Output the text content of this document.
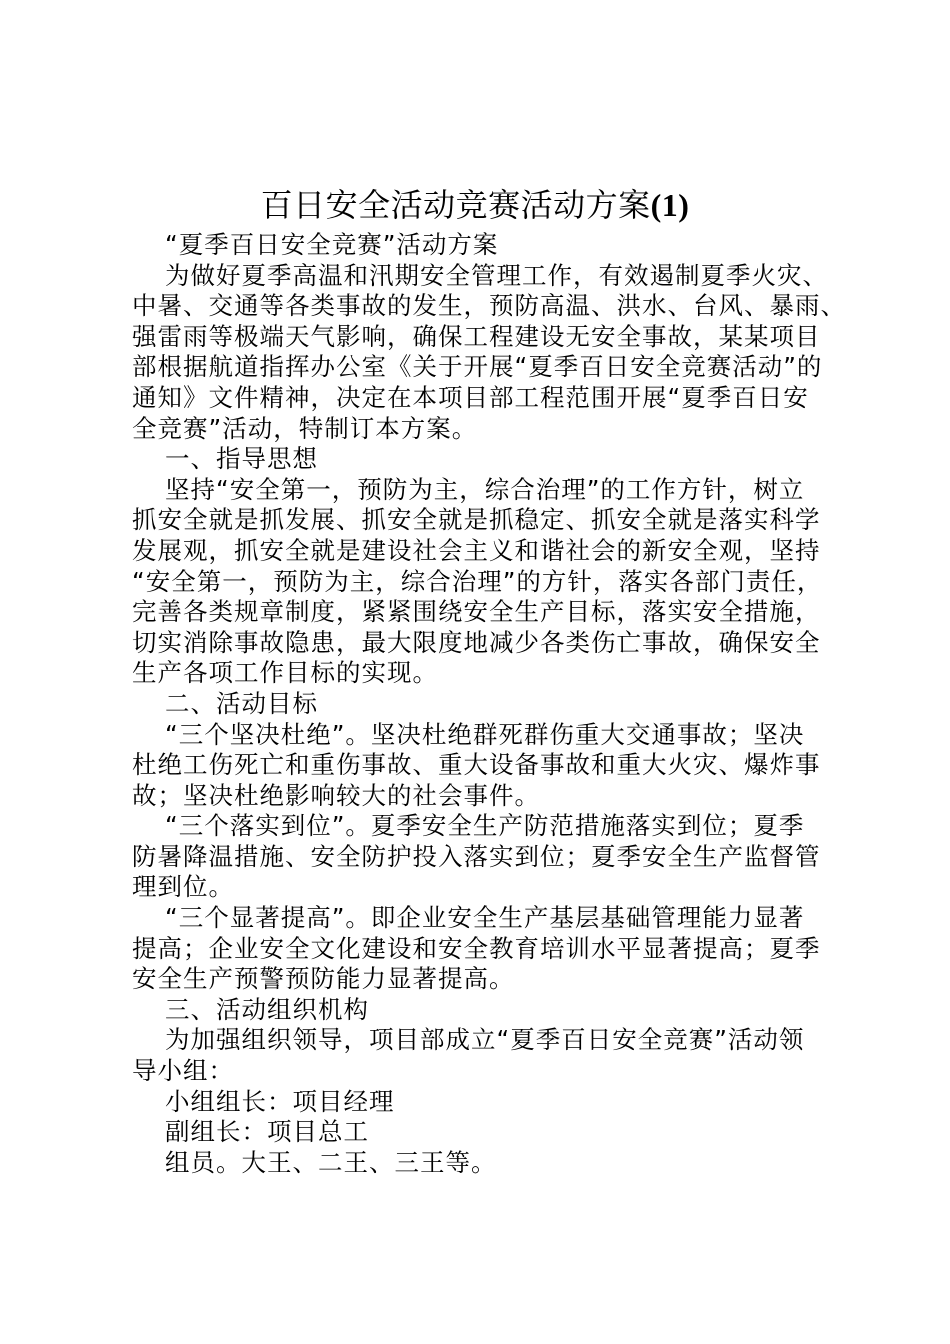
百日安全活动竞赛活动方案(1)
“夏季百日安全竞赛”活动方案
为做好夏季高温和汛期安全管理工作，有效遏制夏季火灾、
中暑、交通等各类事故的发生，预防高温、洪水、台风、暴雨、
强雷雨等极端天气影响，确保工程建设无安全事故，某某项目
部根据航道指挥办公室《关于开展“夏季百日安全竞赛活动”的
通知》文件精神，决定在本项目部工程范围开展“夏季百日安
全竞赛”活动，特制订本方案。
一、指导思想
坚持“安全第一，预防为主，综合治理”的工作方针，树立
抓安全就是抓发展、抓安全就是抓稳定、抓安全就是落实科学
发展观，抓安全就是建设社会主义和谐社会的新安全观，坚持
“安全第一，预防为主，综合治理”的方针，落实各部门责任，
完善各类规章制度，紧紧围绕安全生产目标，落实安全措施，
切实消除事故隐患，最大限度地减少各类伤亡事故，确保安全
生产各项工作目标的实现。
二、活动目标
“三个坚决杜绝”。坚决杜绝群死群伤重大交通事故；坚决
杜绝工伤死亡和重伤事故、重大设备事故和重大火灾、爆炸事
故；坚决杜绝影响较大的社会事件。
“三个落实到位”。夏季安全生产防范措施落实到位；夏季
防暑降温措施、安全防护投入落实到位；夏季安全生产监督管
理到位。
“三个显著提高”。即企业安全生产基层基础管理能力显著
提高；企业安全文化建设和安全教育培训水平显著提高；夏季
安全生产预警预防能力显著提高。
三、活动组织机构
为加强组织领导，项目部成立“夏季百日安全竞赛”活动领
导小组：
小组组长：项目经理
副组长：项目总工
组员。大王、二王、三王等。
